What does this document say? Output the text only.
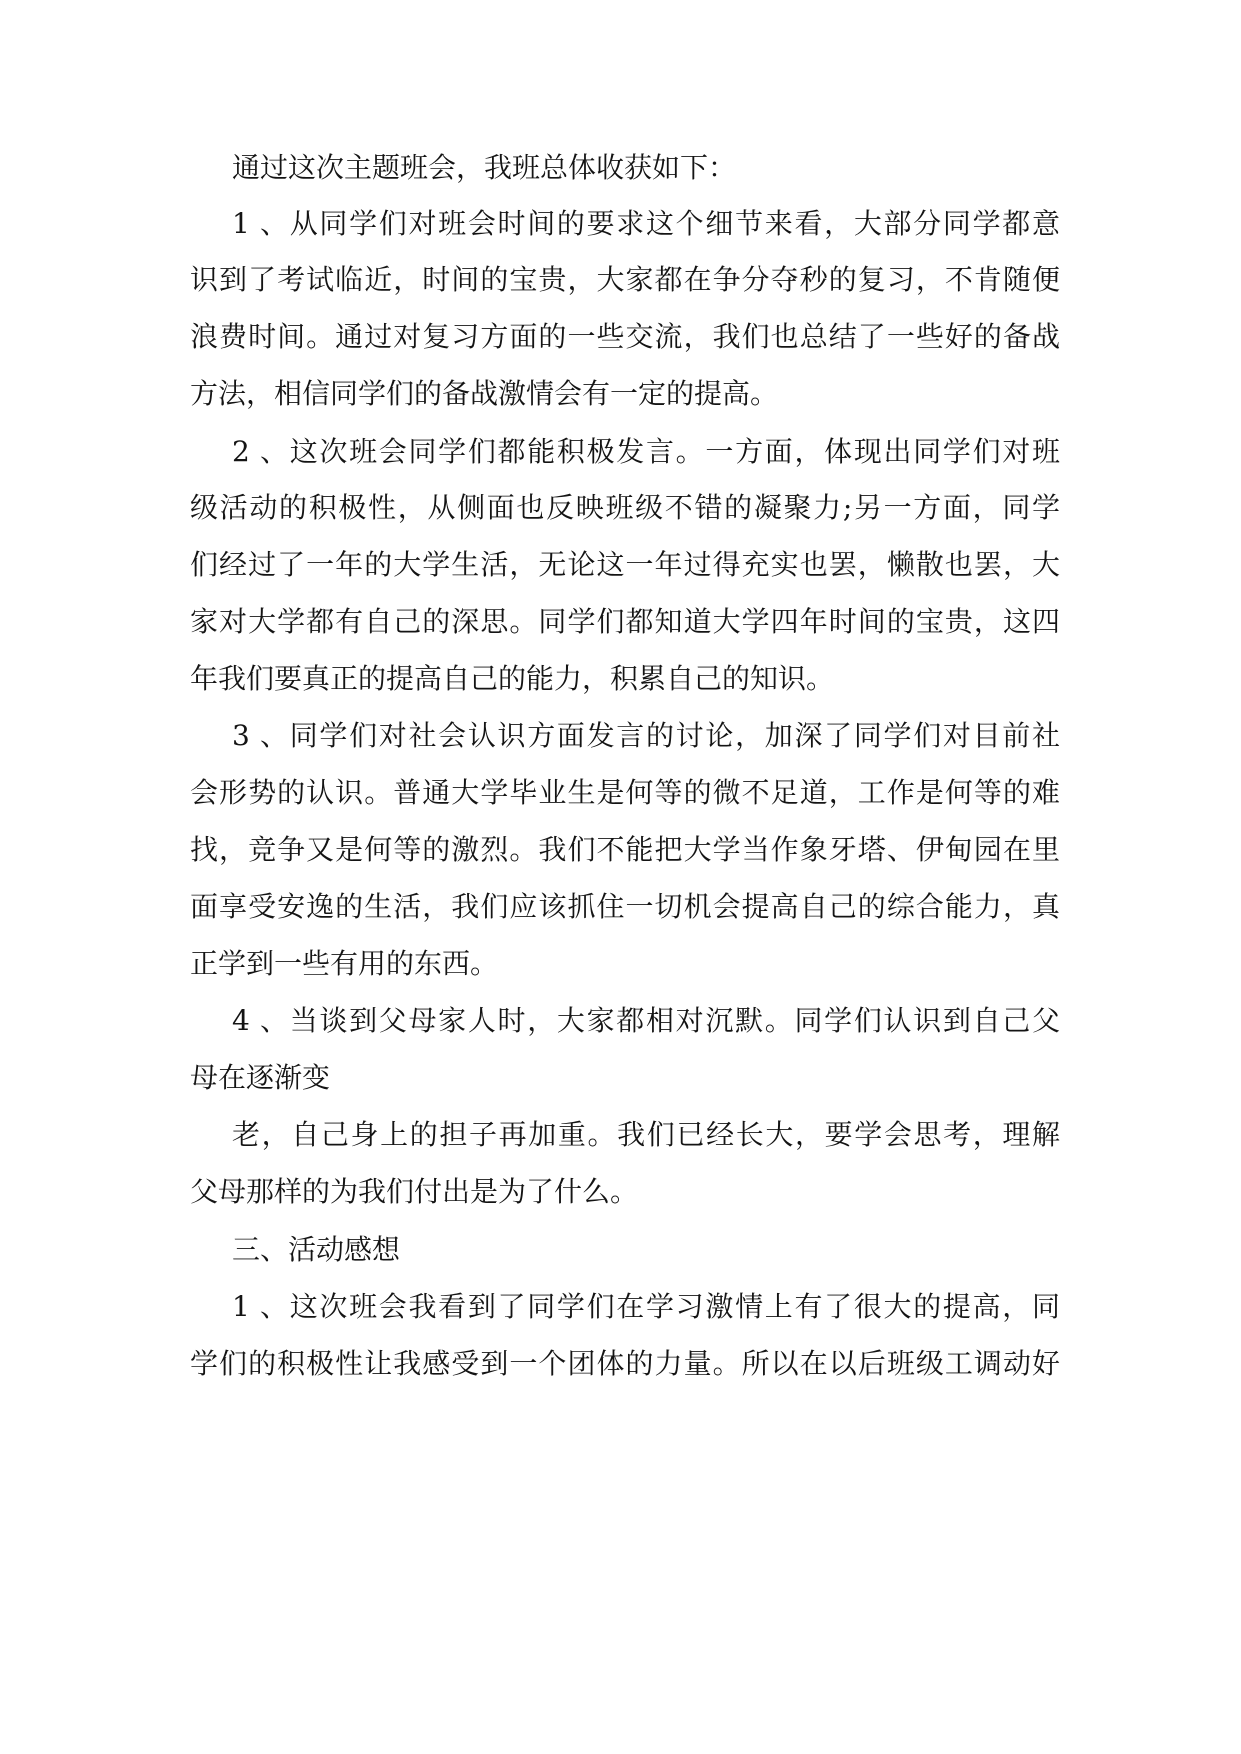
通过这次主题班会，我班总体收获如下：
1、从同学们对班会时间的要求这个细节来看，大部分同学都意
识到了考试临近，时间的宝贵，大家都在争分夺秒的复习，不肯随便
浪费时间。通过对复习方面的一些交流，我们也总结了一些好的备战
方法，相信同学们的备战激情会有一定的提高。
2、这次班会同学们都能积极发言。一方面，体现出同学们对班
级活动的积极性，从侧面也反映班级不错的凝聚力;另一方面，同学
们经过了一年的大学生活，无论这一年过得充实也罢，懒散也罢，大
家对大学都有自己的深思。同学们都知道大学四年时间的宝贵，这四
年我们要真正的提高自己的能力，积累自己的知识。
3、同学们对社会认识方面发言的讨论，加深了同学们对目前社
会形势的认识。普通大学毕业生是何等的微不足道，工作是何等的难
找，竞争又是何等的激烈。我们不能把大学当作象牙塔、伊甸园在里
面享受安逸的生活，我们应该抓住一切机会提高自己的综合能力，真
正学到一些有用的东西。
4、当谈到父母家人时，大家都相对沉默。同学们认识到自己父
母在逐渐变
老，自己身上的担子再加重。我们已经长大，要学会思考，理解
父母那样的为我们付出是为了什么。
三、活动感想
1、这次班会我看到了同学们在学习激情上有了很大的提高，同
学们的积极性让我感受到一个团体的力量。所以在以后班级工调动好
